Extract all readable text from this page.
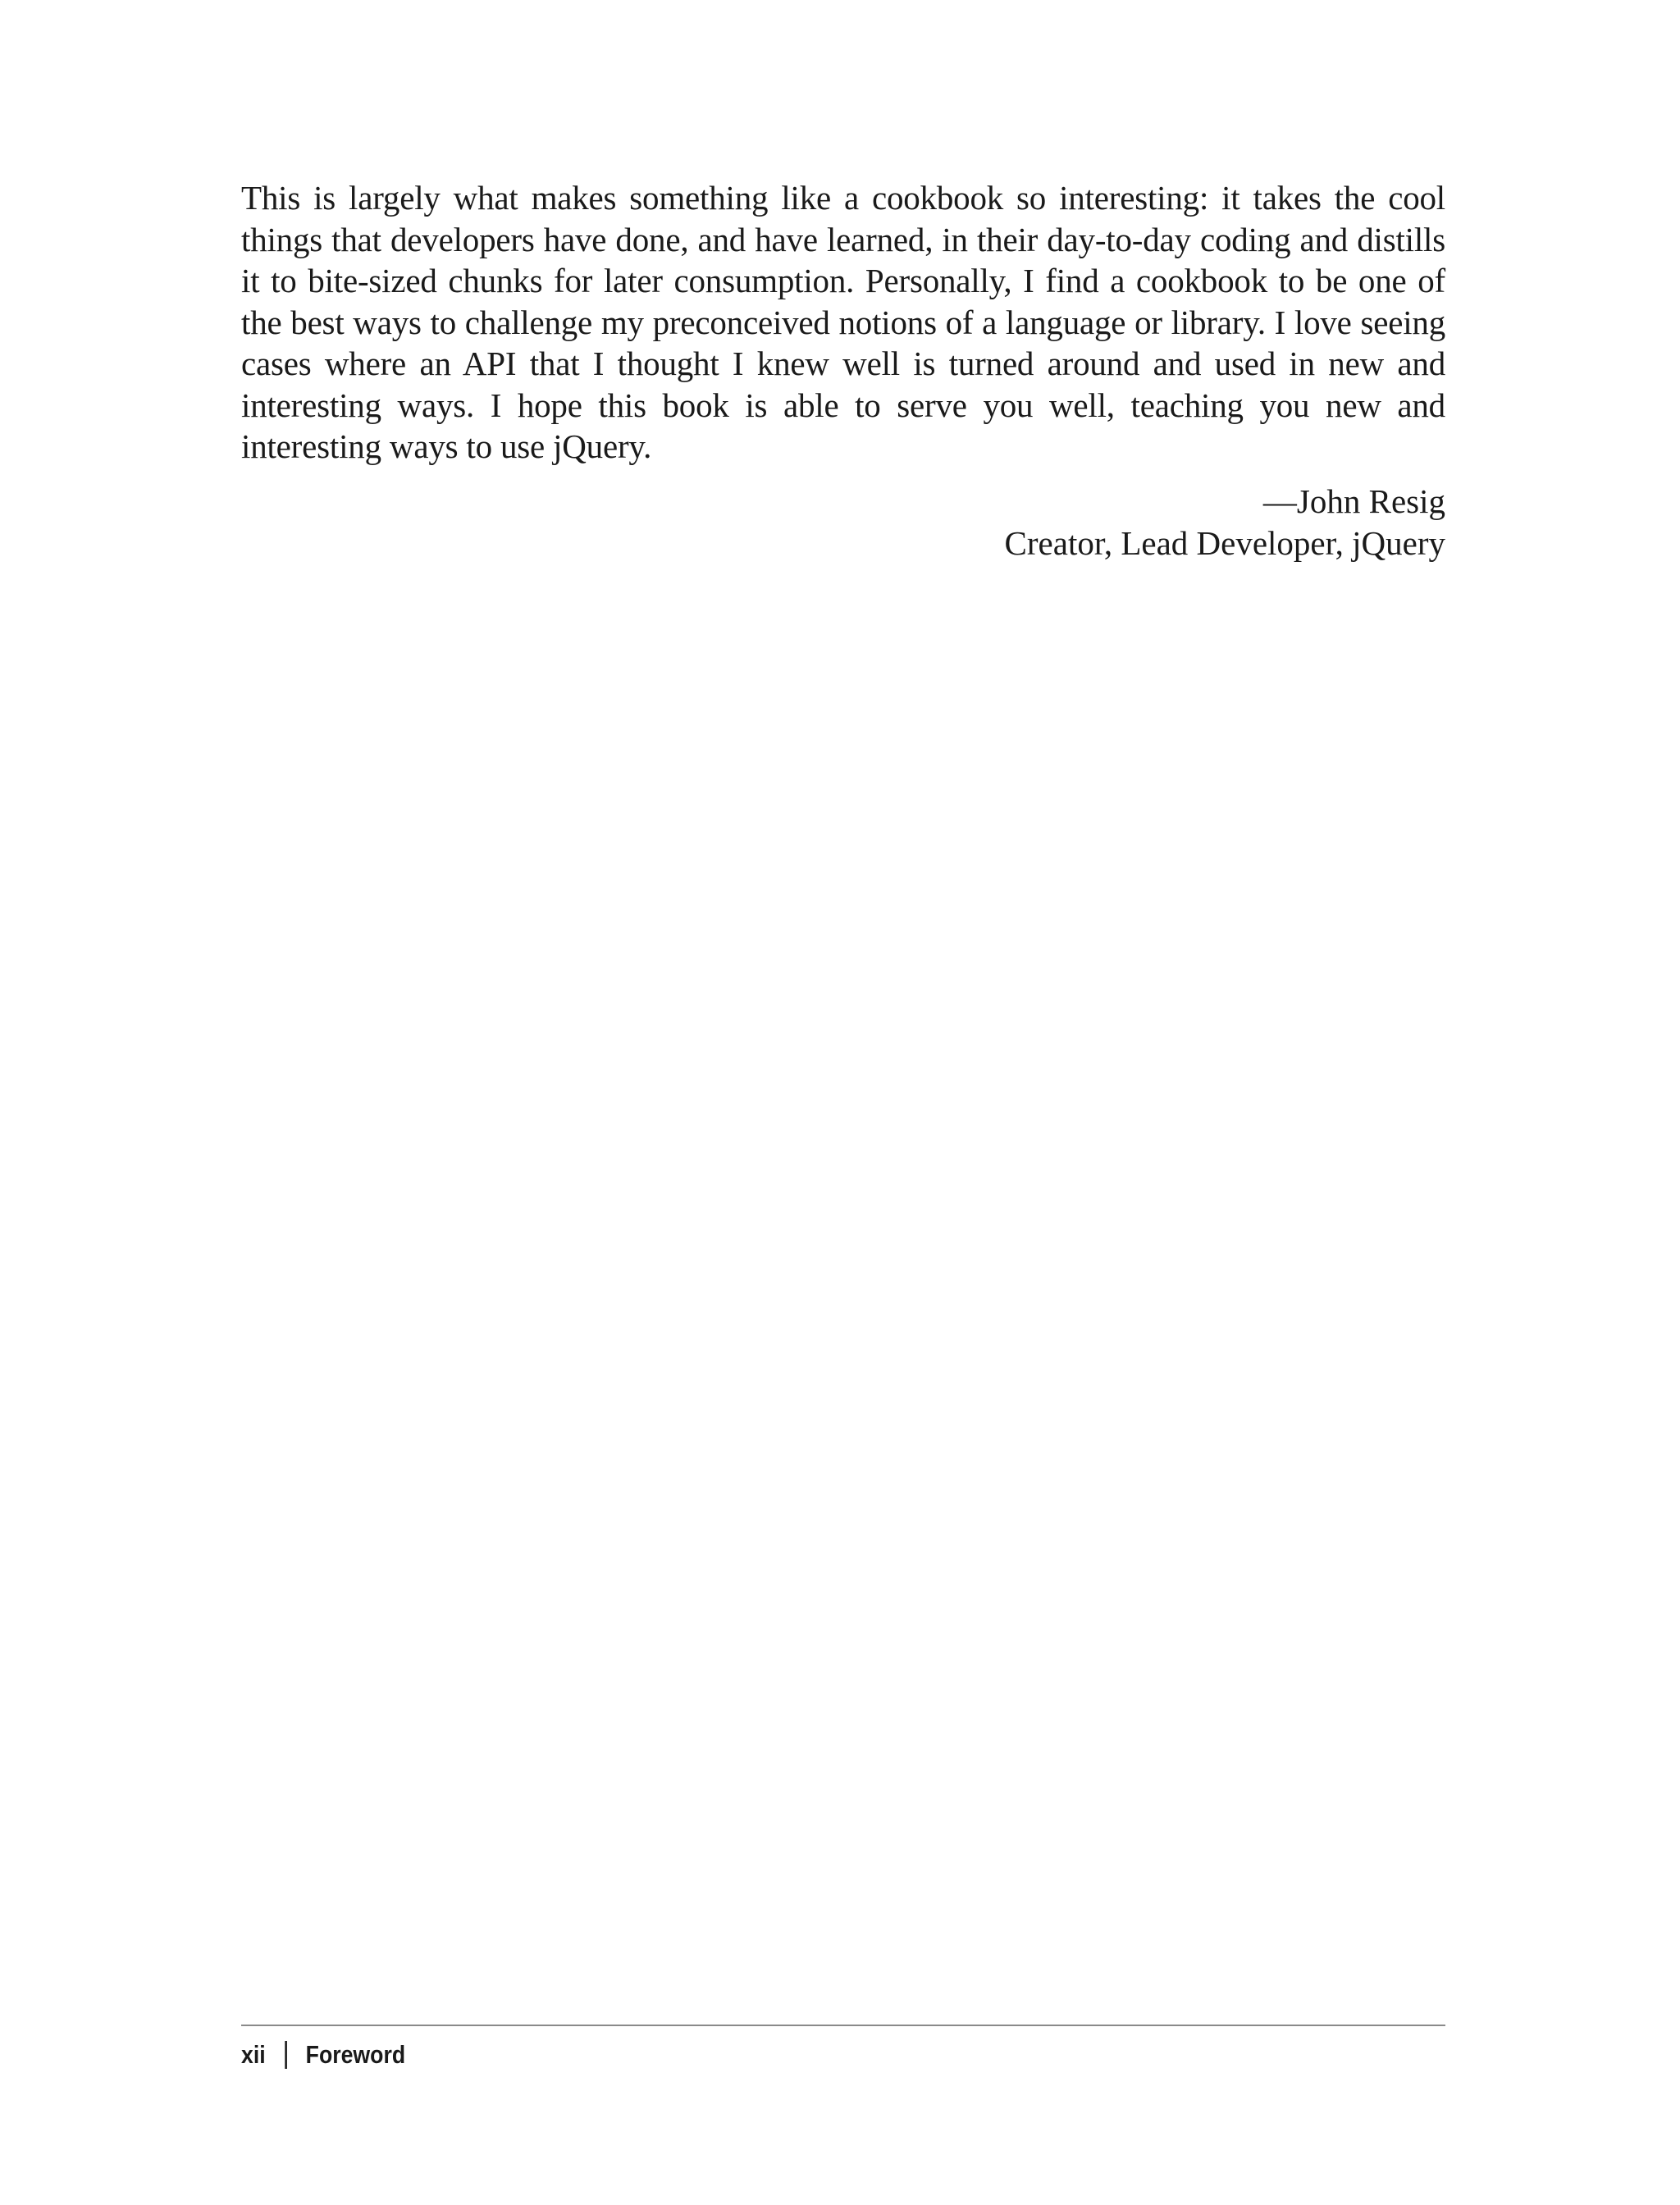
This is largely what makes something like a cookbook so interesting: it takes the cool things that developers have done, and have learned, in their day-to-day coding and distills it to bite-sized chunks for later consumption. Personally, I find a cookbook to be one of the best ways to challenge my preconceived notions of a language or library. I love seeing cases where an API that I thought I knew well is turned around and used in new and interesting ways. I hope this book is able to serve you well, teaching you new and interesting ways to use jQuery.

—John Resig
Creator, Lead Developer, jQuery
xii Foreword
